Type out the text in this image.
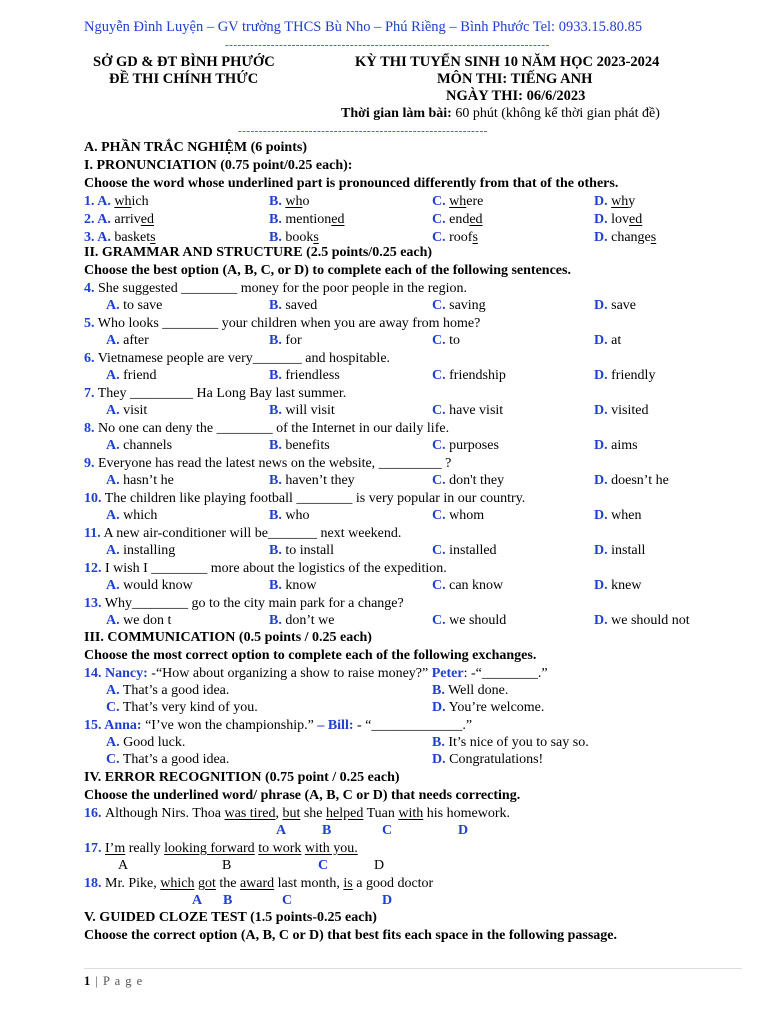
Nguyễn Đình Luyện – GV trường THCS Bù Nho – Phú Riềng – Bình Phước Tel: 0933.15.80.85
------------------------------------------------------------------------------
SỞ GD & ĐT BÌNH PHƯỚC
ĐỀ THI CHÍNH THỨC
KỲ THI TUYỂN SINH 10 NĂM HỌC 2023-2024
MÔN THI: TIẾNG ANH
NGÀY THI: 06/6/2023
Thời gian làm bài: 60 phút (không kể thời gian phát đề)
------------------------------------------------------------
A. PHẦN TRẮC NGHIỆM (6 points)
I. PRONUNCIATION (0.75 point/0.25 each):
Choose the word whose underlined part is pronounced differently from that of the others.
1. A. which	B. who	C. where	D. why
2. A. arrived	B. mentioned	C. ended	D. loved
3. A. baskets	B. books	C. roofs	D. changes
II. GRAMMAR AND STRUCTURE (2.5 points/0.25 each)
Choose the best option (A, B, C, or D) to complete each of the following sentences.
4. She suggested ________ money for the poor people in the region.
A. to save	B. saved	C. saving	D. save
5. Who looks ________ your children when you are away from home?
A. after	B. for	C. to	D. at
6. Vietnamese people are very_______ and hospitable.
A. friend	B. friendless	C. friendship	D. friendly
7. They _________ Ha Long Bay last summer.
A. visit	B. will visit	C. have visit	D. visited
8. No one can deny the ________ of the Internet in our daily life.
A. channels	B. benefits	C. purposes	D. aims
9. Everyone has read the latest news on the website, _________ ?
A. hasn’t he	B. haven’t they	C. don't they	D. doesn’t he
10. The children like playing football ________ is very popular in our country.
A. which	B. who	C. whom	D. when
11. A new air-conditioner will be_______ next weekend.
A. installing	B. to install	C. installed	D. install
12. I wish I ________ more about the logistics of the expedition.
A. would know	B. know	C. can know	D. knew
13. Why________ go to the city main park for a change?
A. we don t	B. don’t we	C. we should	D. we should not
III. COMMUNICATION (0.5 points / 0.25 each)
Choose the most correct option to complete each of the following exchanges.
14. Nancy: -“How about organizing a show to raise money?” Peter: -“________.”
A. That’s a good idea.	B. Well done.
C. That’s very kind of you.	D. You’re welcome.
15. Anna: “I’ve won the championship.” – Bill: - “_____________.”
A. Good luck.	B. It’s nice of you to say so.
C. That’s a good idea.	D. Congratulations!
IV. ERROR RECOGNITION (0.75 point / 0.25 each)
Choose the underlined word/ phrase (A, B, C or D) that needs correcting.
16. Although Nirs. Thoa was tired, but she helped Tuan with his homework.
A	B	C	D
17. I’m really looking forward to work with you.
A	B	C	D
18. Mr. Pike, which got the award last month, is a good doctor
A B	C	D
V. GUIDED CLOZE TEST (1.5 points-0.25 each)
Choose the correct option (A, B, C or D) that best fits each space in the following passage.
1 | P a g e
